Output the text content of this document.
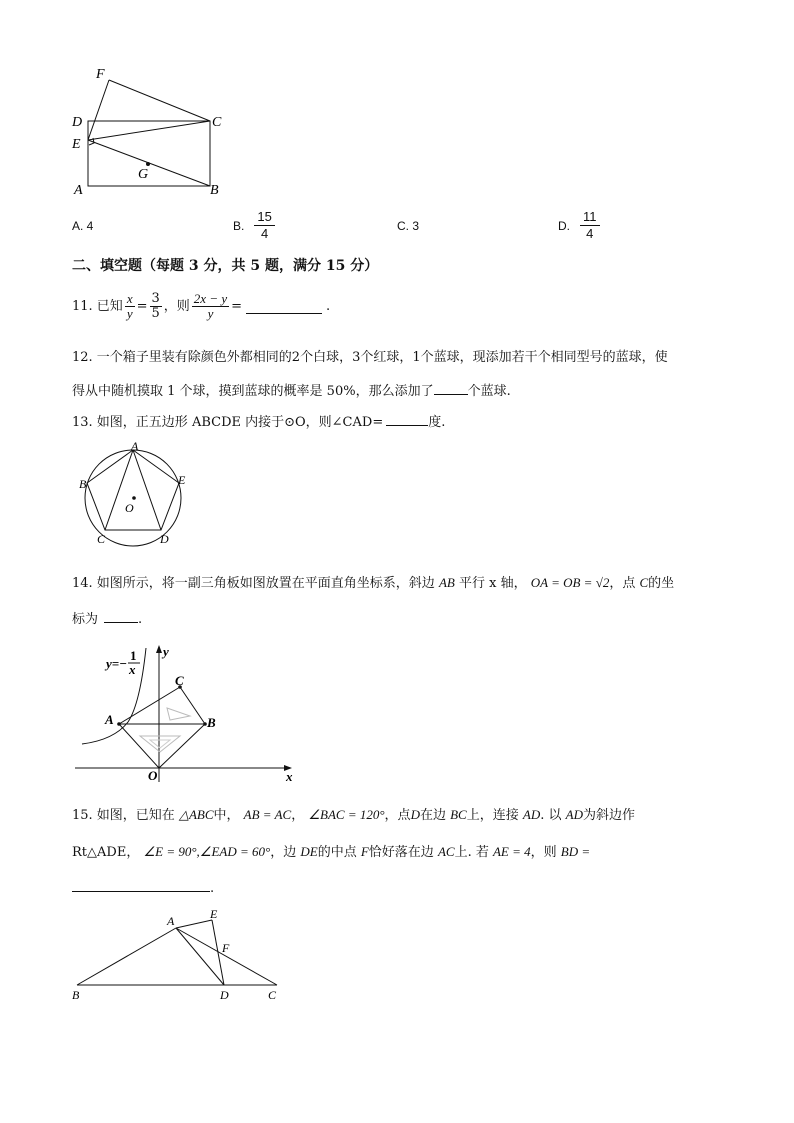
F
D	C
E
G
A	B
A. 4	B. $\frac{15}{4}$	C. 3	D. $\frac{11}{4}$
二、填空题（每题 3 分，共 5 题，满分 15 分）
11. 已知 $\frac{x}{y} = \frac{3}{5}$ ，则 $\frac{2x - y}{y}$ =	.
12. 一个箱子里装有除颜色外都相同的2个白球，3个红球，1个蓝球，现添加若干个相同型号的蓝球，使
得从中随机摸取 1 个球，摸到蓝球的概率是 50%，那么添加了	个蓝球.
13. 如图，正五边形 ABCDE 内接于⊙O，则∠CAD=	度.
A
B
C	D
E
O
14. 如图所示，将一副三角板如图放置在平面直角坐标系，斜边 AB 平行 x 轴， OA = OB = √2，点 C的坐
标为	.
y=−
1
x
y
x
A	B
C
O
15. 如图，已知在 △ABC中， AB = AC， ∠BAC = 120°，点D在边 BC上，连接 AD. 以 AD为斜边作
Rt△ADE， ∠E = 90°,∠EAD = 60°，边 DE的中点 F恰好落在边 AC上. 若 AE = 4，则 BD =
.
A	E
F
B	D	C
